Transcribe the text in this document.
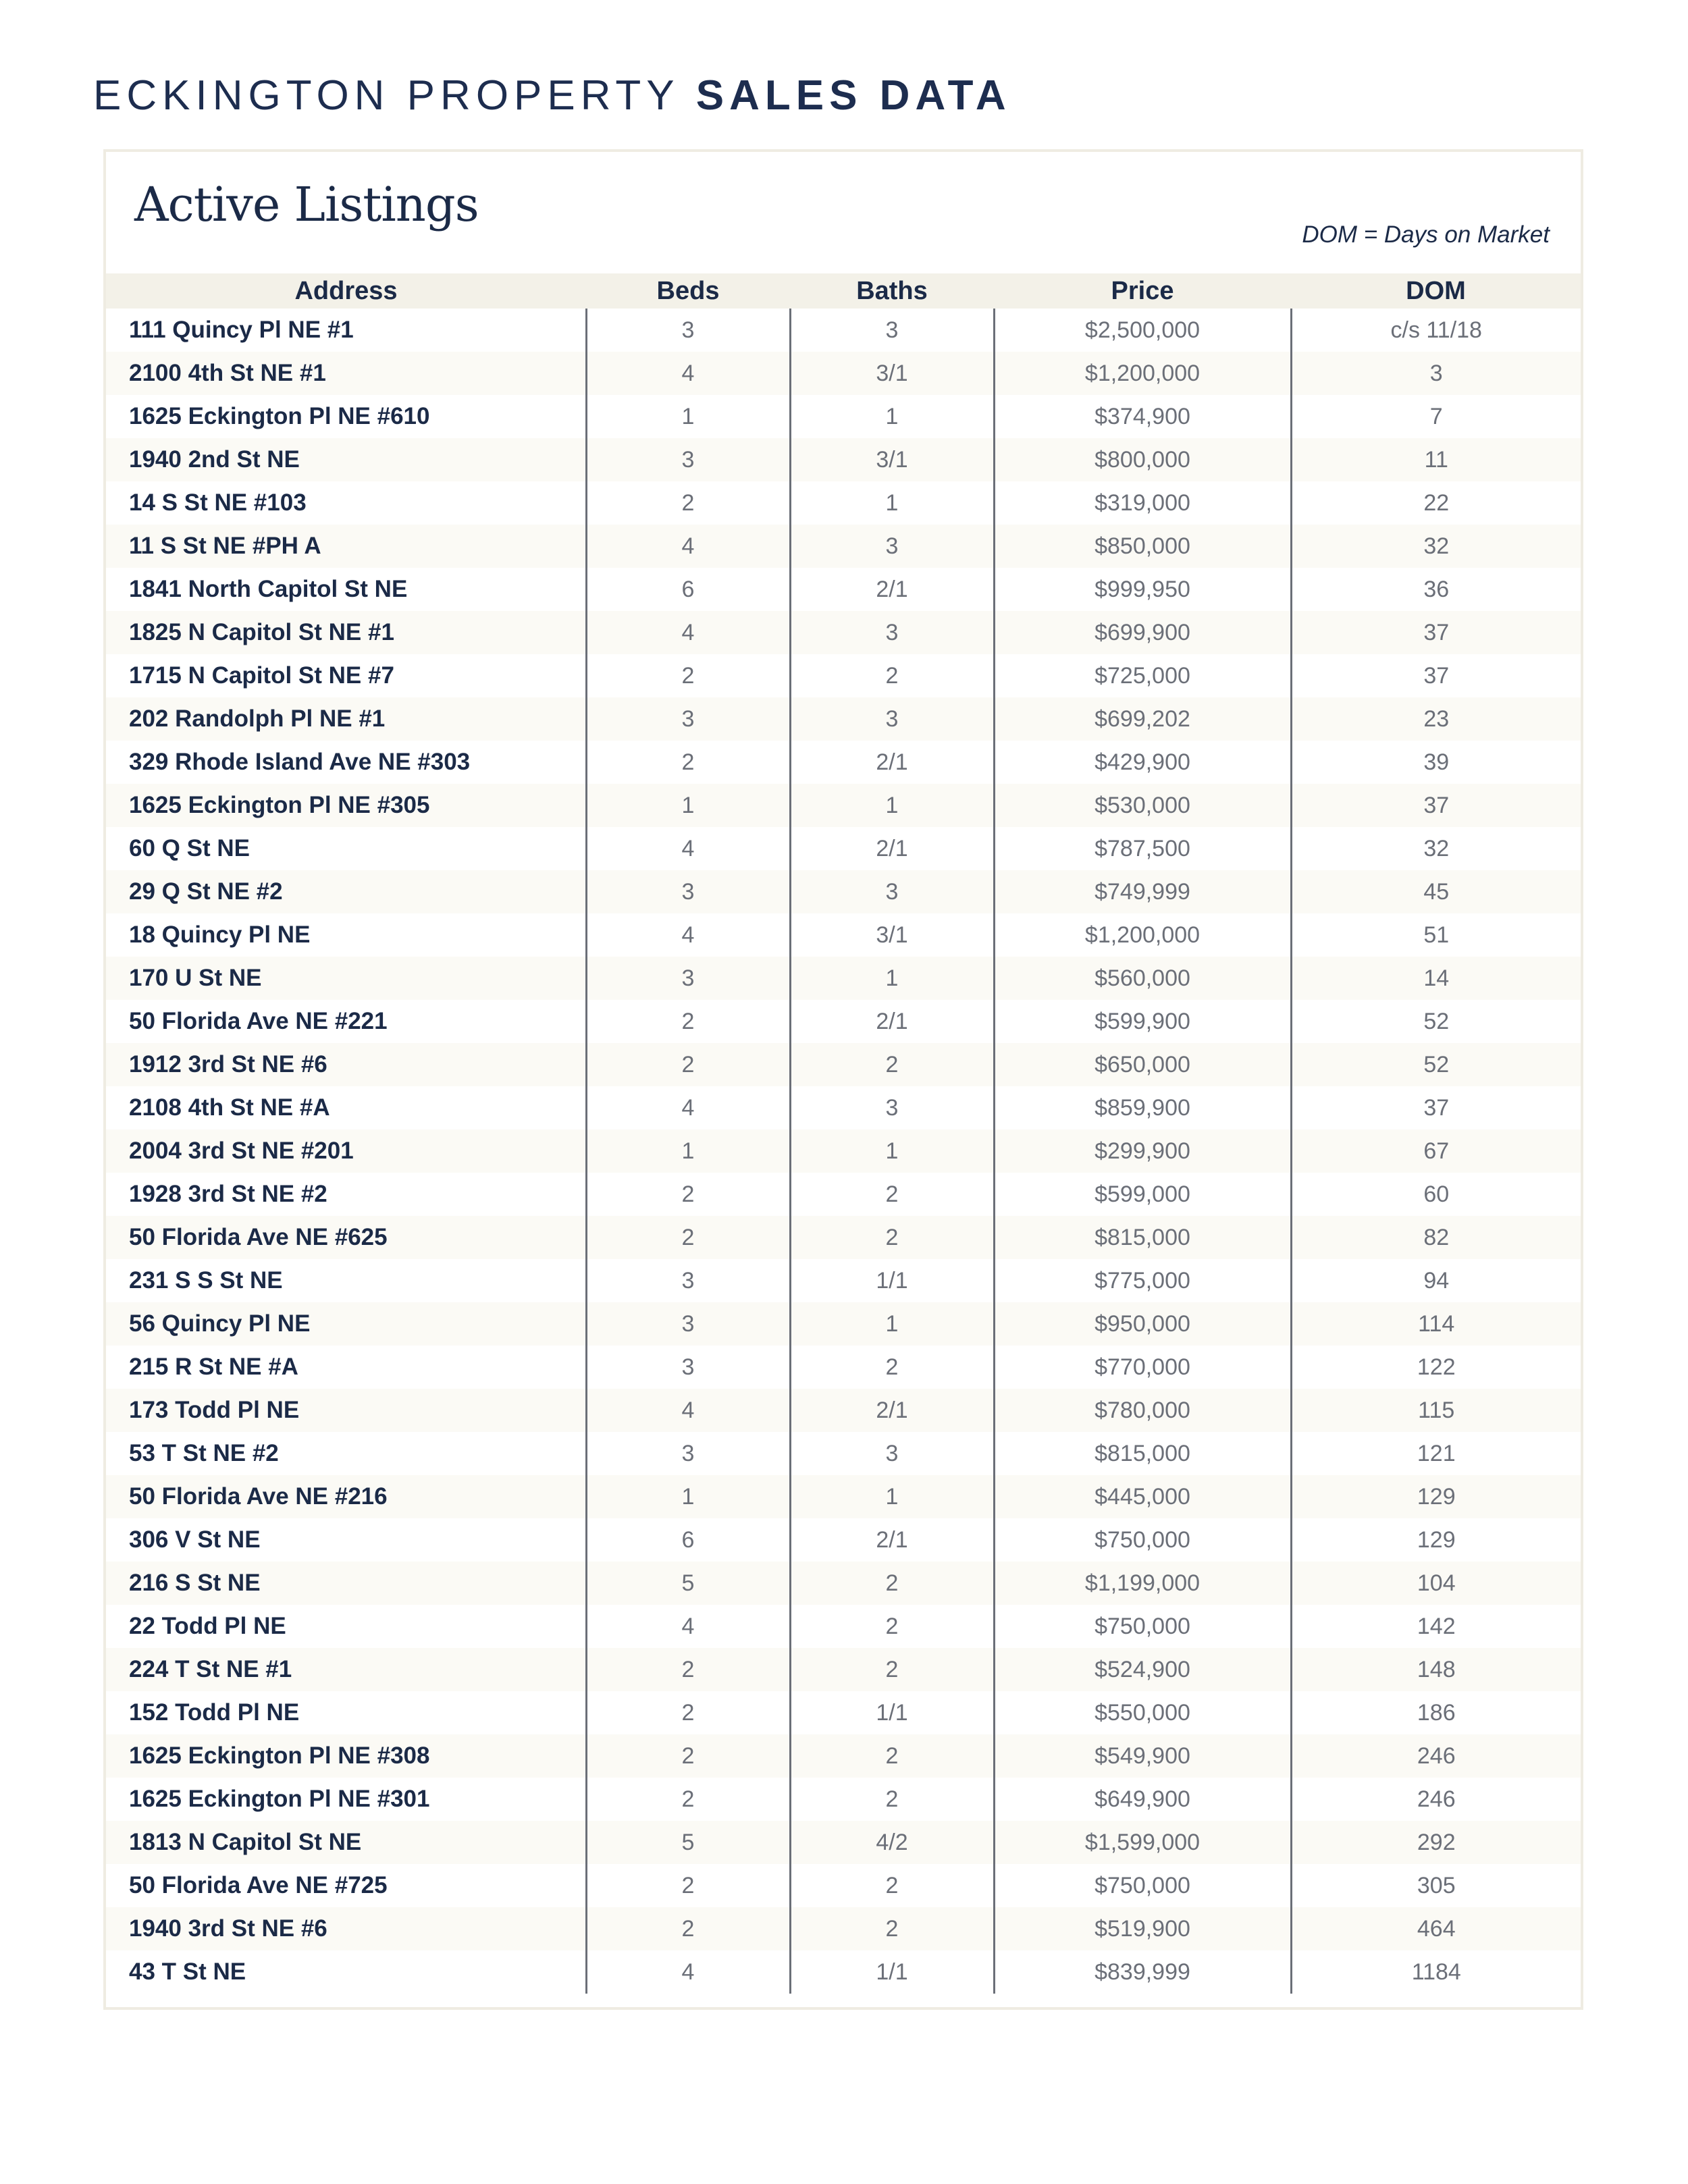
ECKINGTON PROPERTY SALES DATA
Active Listings
DOM = Days on Market
Address	Beds	Baths	Price	DOM
111 Quincy Pl NE #1	3	3	$2,500,000	c/s 11/18
2100 4th St NE #1	4	3/1	$1,200,000	3
1625 Eckington Pl NE #610	1	1	$374,900	7
1940 2nd St NE	3	3/1	$800,000	11
14 S St NE #103	2	1	$319,000	22
11 S St NE #PH A	4	3	$850,000	32
1841 North Capitol St NE	6	2/1	$999,950	36
1825 N Capitol St NE #1	4	3	$699,900	37
1715 N Capitol St NE #7	2	2	$725,000	37
202 Randolph Pl NE #1	3	3	$699,202	23
329 Rhode Island Ave NE #303	2	2/1	$429,900	39
1625 Eckington Pl NE #305	1	1	$530,000	37
60 Q St NE	4	2/1	$787,500	32
29 Q St NE #2	3	3	$749,999	45
18 Quincy Pl NE	4	3/1	$1,200,000	51
170 U St NE	3	1	$560,000	14
50 Florida Ave NE #221	2	2/1	$599,900	52
1912 3rd St NE #6	2	2	$650,000	52
2108 4th St NE #A	4	3	$859,900	37
2004 3rd St NE #201	1	1	$299,900	67
1928 3rd St NE #2	2	2	$599,000	60
50 Florida Ave NE #625	2	2	$815,000	82
231 S S St NE	3	1/1	$775,000	94
56 Quincy Pl NE	3	1	$950,000	114
215 R St NE #A	3	2	$770,000	122
173 Todd Pl NE	4	2/1	$780,000	115
53 T St NE #2	3	3	$815,000	121
50 Florida Ave NE #216	1	1	$445,000	129
306 V St NE	6	2/1	$750,000	129
216 S St NE	5	2	$1,199,000	104
22 Todd Pl NE	4	2	$750,000	142
224 T St NE #1	2	2	$524,900	148
152 Todd Pl NE	2	1/1	$550,000	186
1625 Eckington Pl NE #308	2	2	$549,900	246
1625 Eckington Pl NE #301	2	2	$649,900	246
1813 N Capitol St NE	5	4/2	$1,599,000	292
50 Florida Ave NE #725	2	2	$750,000	305
1940 3rd St NE #6	2	2	$519,900	464
43 T St NE	4	1/1	$839,999	1184
